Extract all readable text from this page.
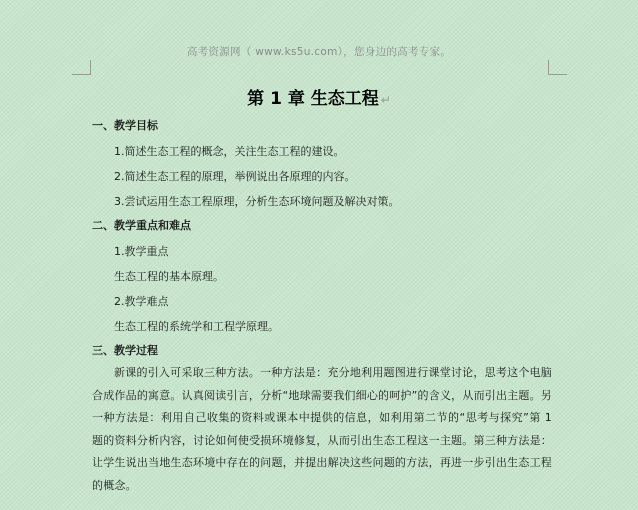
高考资源网（ www.ks5u.com），您身边的高考专家。
第 1 章 生态工程 ↵
一、教学目标
1.简述生态工程的概念，关注生态工程的建设。
2.简述生态工程的原理，举例说出各原理的内容。
3.尝试运用生态工程原理，分析生态环境问题及解决对策。
二、教学重点和难点
1.教学重点
生态工程的基本原理。
2.教学难点
生态工程的系统学和工程学原理。
三、教学过程
新课的引入可采取三种方法。一种方法是：充分地利用题图进行课堂讨论，思考这个电脑合成作品的寓意。认真阅读引言，分析“地球需要我们细心的呵护”的含义，从而引出主题。另一种方法是：利用自己收集的资料或课本中提供的信息，如利用第二节的“思考与探究”第 1 题的资料分析内容，讨论如何使受损环境修复，从而引出生态工程这一主题。第三种方法是：让学生说出当地生态环境中存在的问题，并提出解决这些问题的方法，再进一步引出生态工程的概念。
